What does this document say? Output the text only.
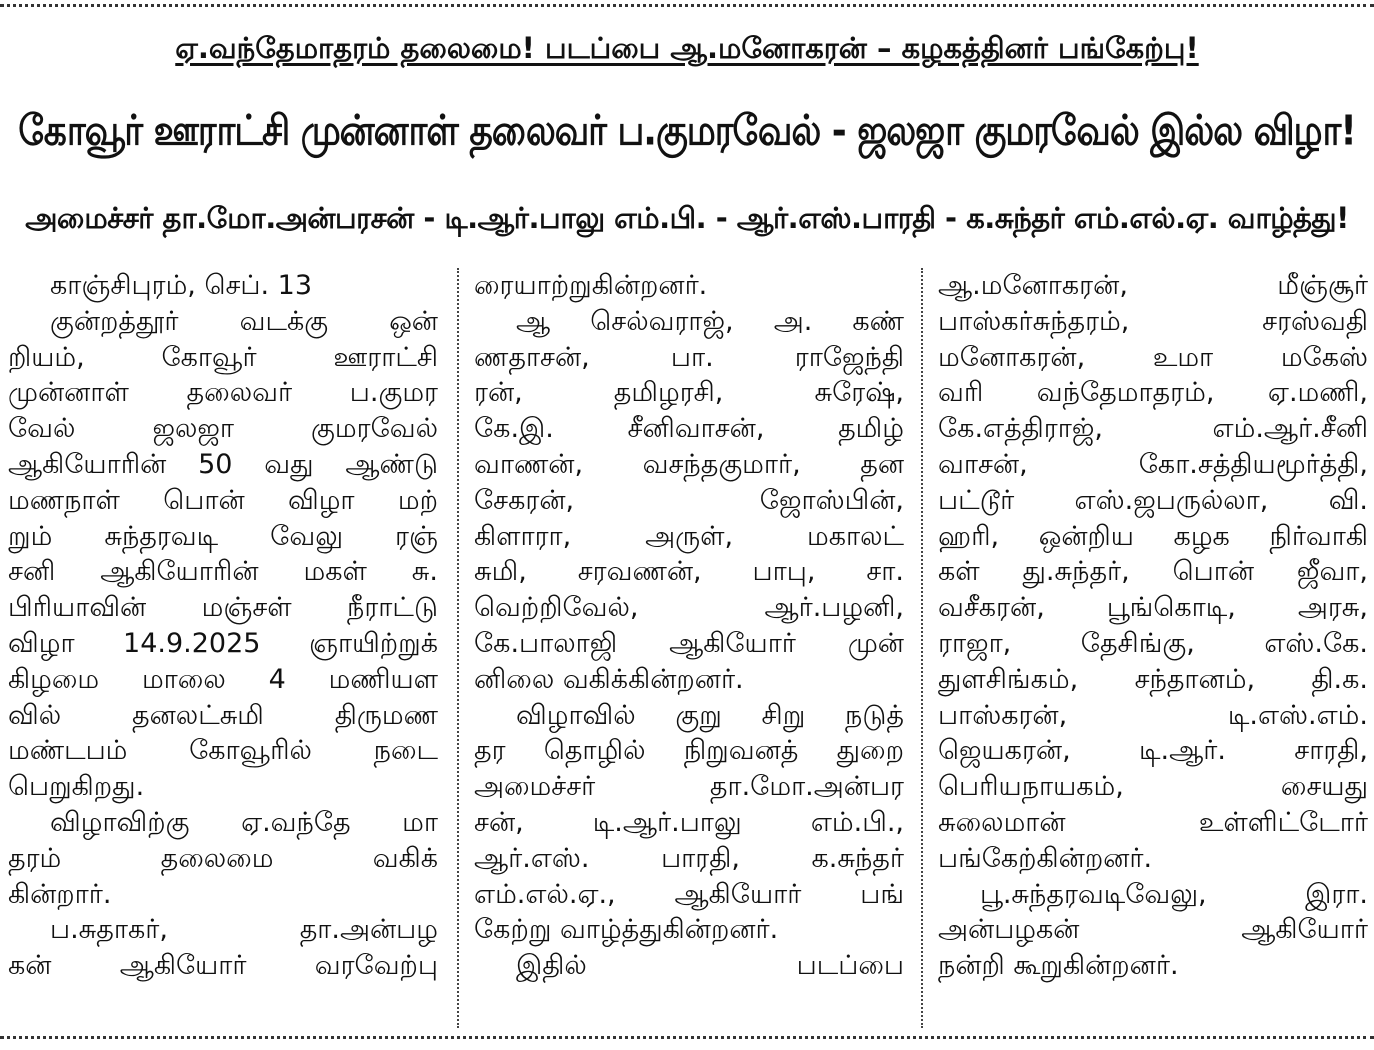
ஏ.வந்தேமாதரம் தலைமை! படப்பை ஆ.மனோகரன் – கழகத்தினர் பங்கேற்பு!
கோவூர் ஊராட்சி முன்னாள் தலைவர் ப.குமரவேல் - ஜலஜா குமரவேல் இல்ல விழா!
அமைச்சர் தா.மோ.அன்பரசன் - டி.ஆர்.பாலு எம்.பி. - ஆர்.எஸ்.பாரதி - க.சுந்தர் எம்.எல்.ஏ. வாழ்த்து!
காஞ்சிபுரம், செப். 13
குன்றத்தூர் வடக்கு ஒன்
றியம், கோவூர் ஊராட்சி
முன்னாள் தலைவர் ப.குமர
வேல் ஜலஜா குமரவேல்
ஆகியோரின் 50 வது ஆண்டு
மணநாள் பொன் விழா மற்
றும் சுந்தரவடி வேலு ரஞ்
சனி ஆகியோரின் மகள் சு.
பிரியாவின் மஞ்சள் நீராட்டு
விழா 14.9.2025 ஞாயிற்றுக்
கிழமை மாலை 4 மணியள
வில் தனலட்சுமி திருமண
மண்டபம் கோவூரில் நடை
பெறுகிறது.
விழாவிற்கு ஏ.வந்தே மா
தரம் தலைமை வகிக்
கின்றார்.
ப.சுதாகர், தா.அன்பழ
கன் ஆகியோர் வரவேற்பு
ரையாற்றுகின்றனர்.
ஆ செல்வராஜ், அ. கண்
ணதாசன், பா. ராஜேந்தி
ரன், தமிழரசி, சுரேஷ்,
கே.இ. சீனிவாசன், தமிழ்
வாணன், வசந்தகுமார், தன
சேகரன், ஜோஸ்பின்,
கிளாரா, அருள், மகாலட்
சுமி, சரவணன், பாபு, சா.
வெற்றிவேல், ஆர்.பழனி,
கே.பாலாஜி ஆகியோர் முன்
னிலை வகிக்கின்றனர்.
விழாவில் குறு சிறு நடுத்
தர தொழில் நிறுவனத் துறை
அமைச்சர் தா.மோ.அன்பர
சன், டி.ஆர்.பாலு எம்.பி.,
ஆர்.எஸ். பாரதி, க.சுந்தர்
எம்.எல்.ஏ., ஆகியோர் பங்
கேற்று வாழ்த்துகின்றனர்.
இதில் படப்பை
ஆ.மனோகரன், மீஞ்சூர்
பாஸ்கர்சுந்தரம், சரஸ்வதி
மனோகரன், உமா மகேஸ்
வரி வந்தேமாதரம், ஏ.மணி,
கே.எத்திராஜ், எம்.ஆர்.சீனி
வாசன், கோ.சத்தியமூர்த்தி,
பட்டூர் எஸ்.ஜபருல்லா, வி.
ஹரி, ஒன்றிய கழக நிர்வாகி
கள் து.சுந்தர், பொன் ஜீவா,
வசீகரன், பூங்கொடி, அரசு,
ராஜா, தேசிங்கு, எஸ்.கே.
துளசிங்கம், சந்தானம், தி.க.
பாஸ்கரன், டி.எஸ்.எம்.
ஜெயகரன், டி.ஆர். சாரதி,
பெரியநாயகம், சையது
சுலைமான் உள்ளிட்டோர்
பங்கேற்கின்றனர்.
பூ.சுந்தரவடிவேலு, இரா.
அன்பழகன் ஆகியோர்
நன்றி கூறுகின்றனர்.
